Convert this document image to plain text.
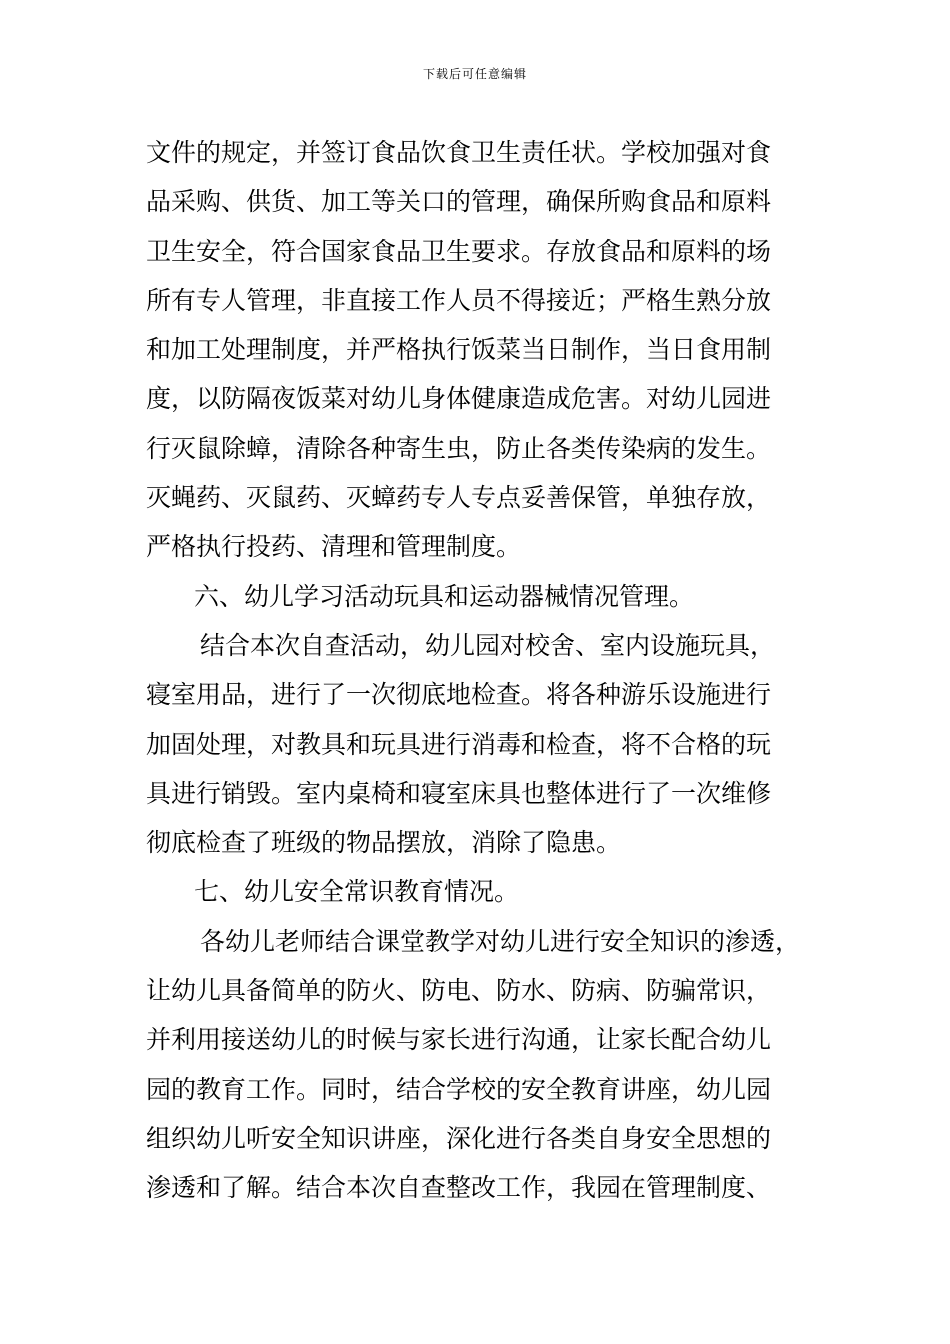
下载后可任意编辑
文件的规定，并签订食品饮食卫生责任状。学校加强对食
品采购、供货、加工等关口的管理，确保所购食品和原料
卫生安全，符合国家食品卫生要求。存放食品和原料的场
所有专人管理，非直接工作人员不得接近；严格生熟分放
和加工处理制度，并严格执行饭菜当日制作，当日食用制
度，以防隔夜饭菜对幼儿身体健康造成危害。对幼儿园进
行灭鼠除蟑，清除各种寄生虫，防止各类传染病的发生。
灭蝇药、灭鼠药、灭蟑药专人专点妥善保管，单独存放，
严格执行投药、清理和管理制度。
六、幼儿学习活动玩具和运动器械情况管理。
结合本次自查活动，幼儿园对校舍、室内设施玩具，
寝室用品，进行了一次彻底地检查。将各种游乐设施进行
加固处理，对教具和玩具进行消毒和检查，将不合格的玩
具进行销毁。室内桌椅和寝室床具也整体进行了一次维修
彻底检查了班级的物品摆放，消除了隐患。
七、幼儿安全常识教育情况。
各幼儿老师结合课堂教学对幼儿进行安全知识的渗透，
让幼儿具备简单的防火、防电、防水、防病、防骗常识，
并利用接送幼儿的时候与家长进行沟通，让家长配合幼儿
园的教育工作。同时，结合学校的安全教育讲座，幼儿园
组织幼儿听安全知识讲座，深化进行各类自身安全思想的
渗透和了解。结合本次自查整改工作，我园在管理制度、
